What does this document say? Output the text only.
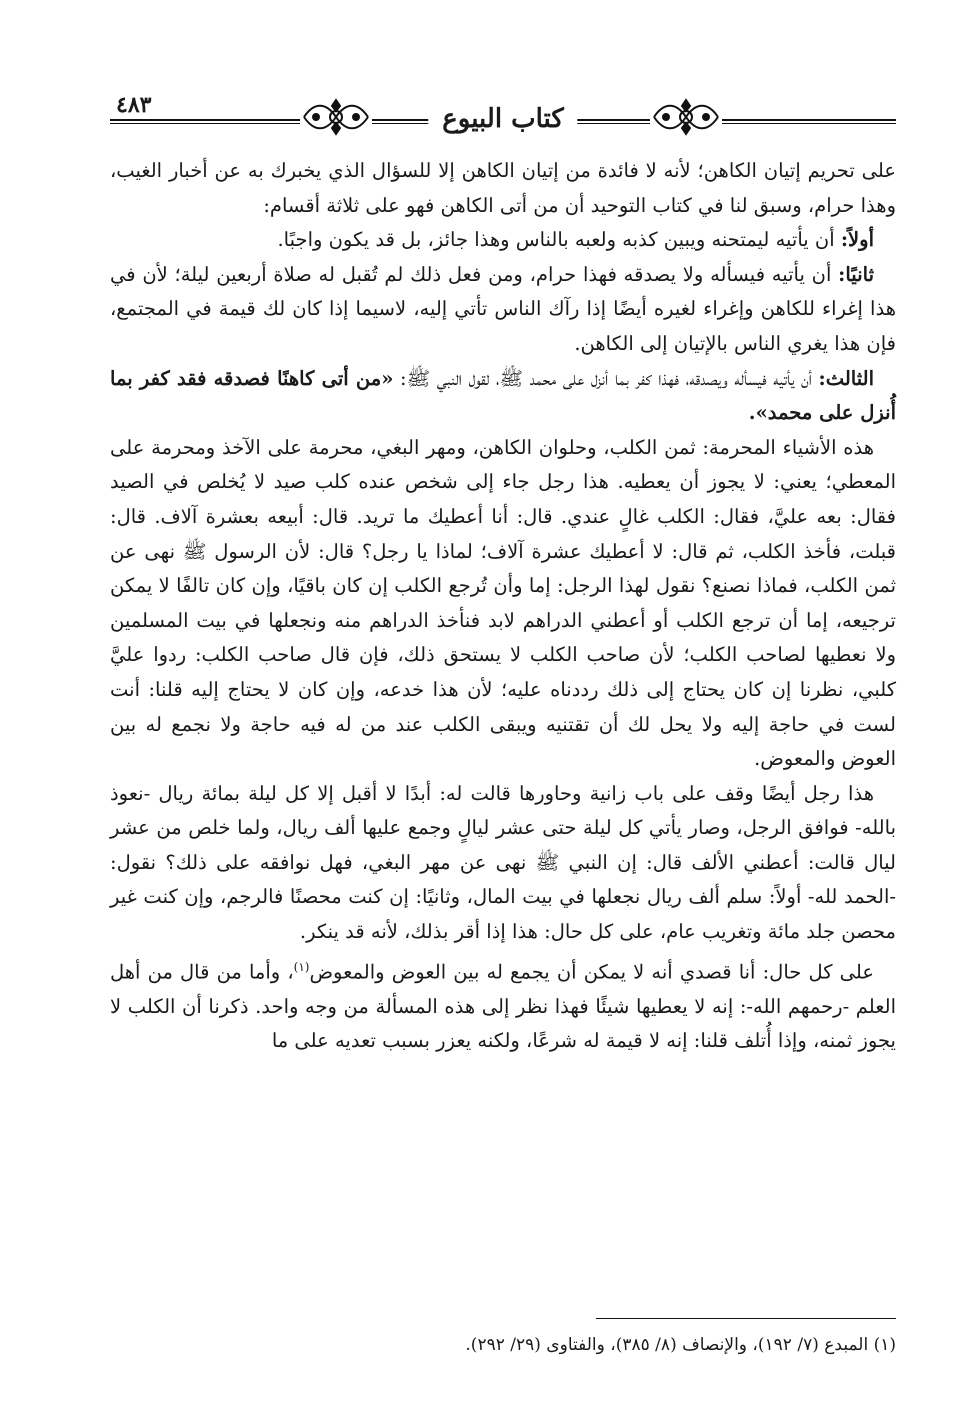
٤٨٣	كتاب البيوع

على تحريم إتيان الكاهن؛ لأنه لا فائدة من إتيان الكاهن إلا للسؤال الذي يخبرك به عن أخبار الغيب، وهذا حرام، وسبق لنا في كتاب التوحيد أن من أتى الكاهن فهو على ثلاثة أقسام:

أولاً: أن يأتيه ليمتحنه ويبين كذبه ولعبه بالناس وهذا جائز، بل قد يكون واجبًا.

ثانيًا: أن يأتيه فيسأله ولا يصدقه فهذا حرام، ومن فعل ذلك لم تُقبل له صلاة أربعين ليلة؛ لأن في هذا إغراء للكاهن وإغراء لغيره أيضًا إذا رآك الناس تأتي إليه، لاسيما إذا كان لك قيمة في المجتمع، فإن هذا يغري الناس بالإتيان إلى الكاهن.

الثالث: أن يأتيه فيسأله ويصدقه، فهذا كفر بما أنزل على محمد ﷺ، لقول النبي ﷺ: «من أتى كاهنًا فصدقه فقد كفر بما أُنزل على محمد».

هذه الأشياء المحرمة: ثمن الكلب، وحلوان الكاهن، ومهر البغي، محرمة على الآخذ ومحرمة على المعطي؛ يعني: لا يجوز أن يعطيه. هذا رجل جاء إلى شخص عنده كلب صيد لا يُخلص في الصيد فقال: بعه عليَّ، فقال: الكلب غالٍ عندي. قال: أنا أعطيك ما تريد. قال: أبيعه بعشرة آلاف. قال: قبلت، فأخذ الكلب، ثم قال: لا أعطيك عشرة آلاف؛ لماذا يا رجل؟ قال: لأن الرسول ﷺ نهى عن ثمن الكلب، فماذا نصنع؟ نقول لهذا الرجل: إما وأن تُرجع الكلب إن كان باقيًا، وإن كان تالفًا لا يمكن ترجيعه، إما أن ترجع الكلب أو أعطني الدراهم لابد فنأخذ الدراهم منه ونجعلها في بيت المسلمين ولا نعطيها لصاحب الكلب؛ لأن صاحب الكلب لا يستحق ذلك، فإن قال صاحب الكلب: ردوا عليَّ كلبي، نظرنا إن كان يحتاج إلى ذلك رددناه عليه؛ لأن هذا خدعه، وإن كان لا يحتاج إليه قلنا: أنت لست في حاجة إليه ولا يحل لك أن تقتنيه ويبقى الكلب عند من له فيه حاجة ولا نجمع له بين العوض والمعوض.

هذا رجل أيضًا وقف على باب زانية وحاورها قالت له: أبدًا لا أقبل إلا كل ليلة بمائة ريال -نعوذ بالله- فوافق الرجل، وصار يأتي كل ليلة حتى عشر ليالٍ وجمع عليها ألف ريال، ولما خلص من عشر ليال قالت: أعطني الألف قال: إن النبي ﷺ نهى عن مهر البغي، فهل نوافقه على ذلك؟ نقول: -الحمد لله- أولاً: سلم ألف ريال نجعلها في بيت المال، وثانيًا: إن كنت محصنًا فالرجم، وإن كنت غير محصن جلد مائة وتغريب عام، على كل حال: هذا إذا أقر بذلك، لأنه قد ينكر.

على كل حال: أنا قصدي أنه لا يمكن أن يجمع له بين العوض والمعوض$^{(١)}$، وأما من قال من أهل العلم -رحمهم الله-: إنه لا يعطيها شيئًا فهذا نظر إلى هذه المسألة من وجه واحد. ذكرنا أن الكلب لا يجوز ثمنه، وإذا أُتلف قلنا: إنه لا قيمة له شرعًا، ولكنه يعزر بسبب تعديه على ما

(١) المبدع (٧/ ١٩٢)، والإنصاف (٨/ ٣٨٥)، والفتاوى (٢٩/ ٢٩٢).
